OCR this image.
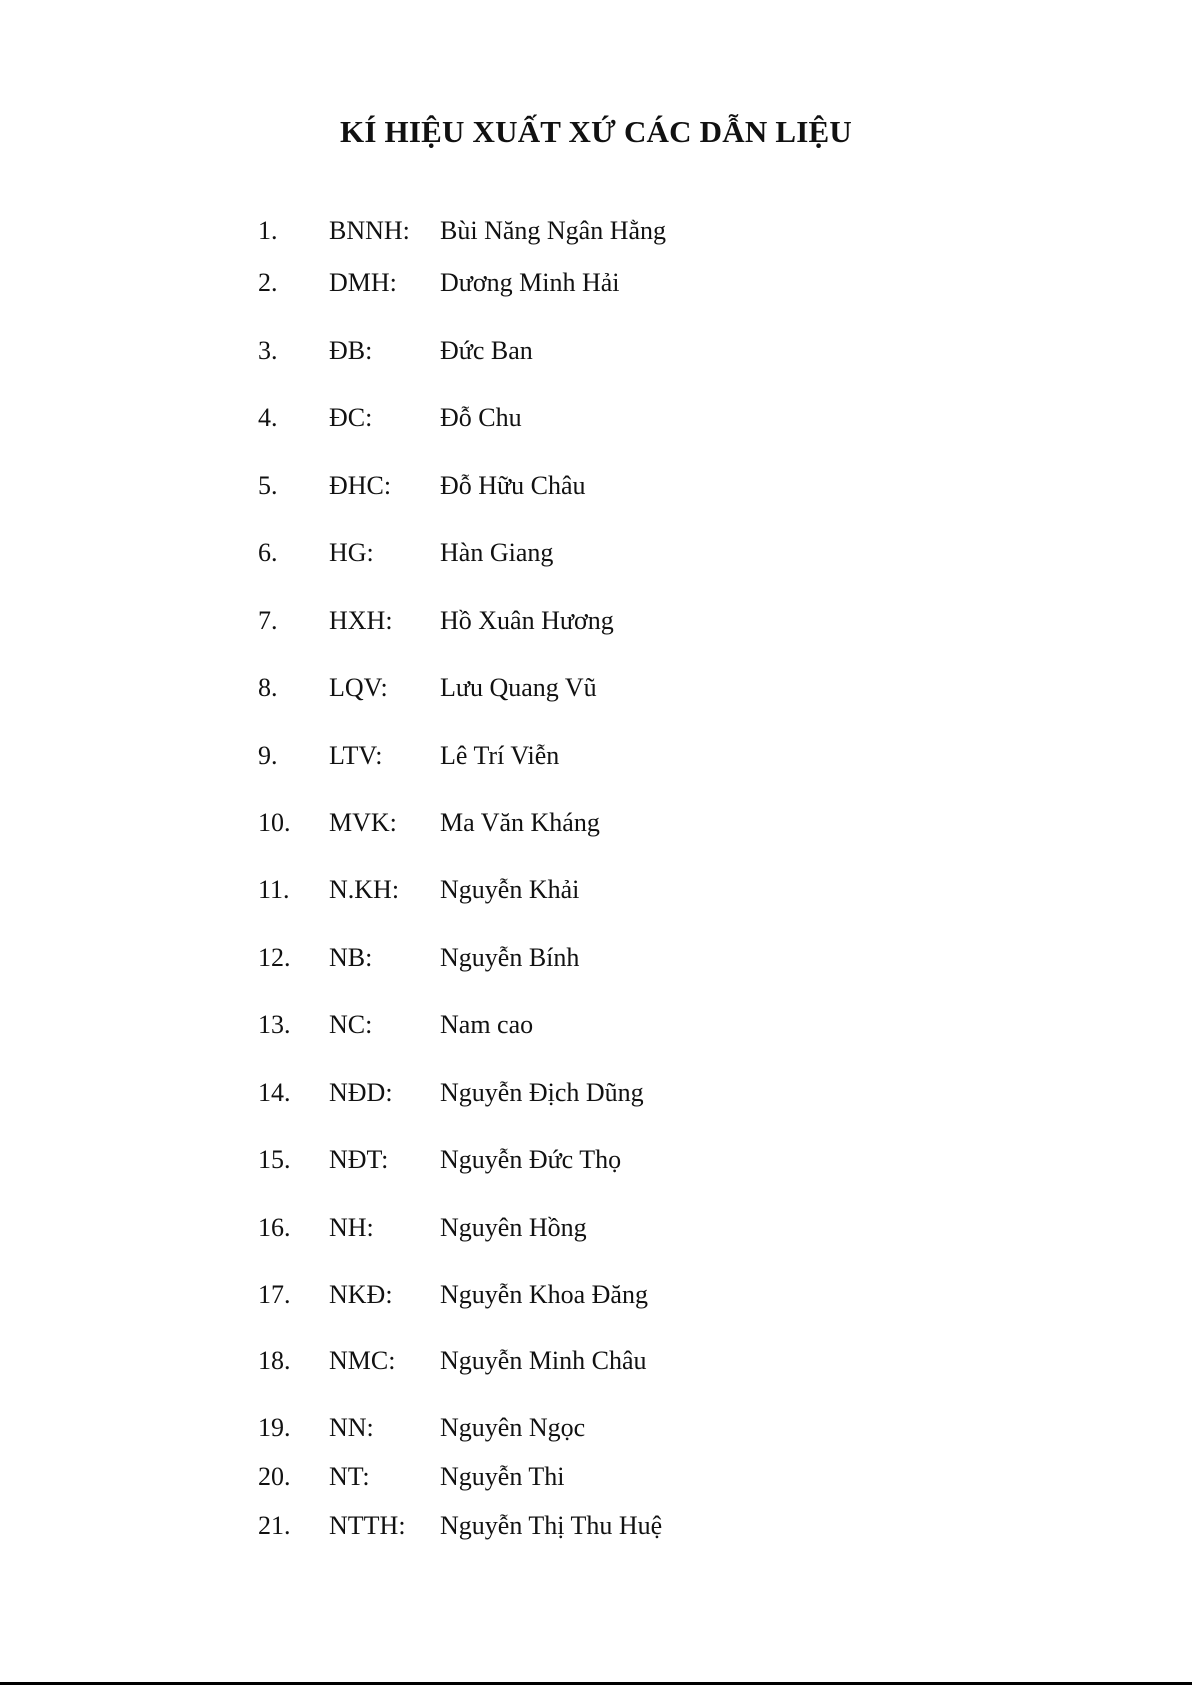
KÍ HIỆU XUẤT XỨ CÁC DẪN LIỆU
1.	BNNH:	Bùi Năng Ngân Hằng
2.	DMH:	Dương Minh Hải
3.	ĐB:	Đức Ban
4.	ĐC:	Đỗ Chu
5.	ĐHC:	Đỗ Hữu Châu
6.	HG:	Hàn Giang
7.	HXH:	Hồ Xuân Hương
8.	LQV:	Lưu Quang Vũ
9.	LTV:	Lê Trí Viễn
10.	MVK:	Ma Văn Kháng
11.	N.KH:	Nguyễn Khải
12.	NB:	Nguyễn Bính
13.	NC:	Nam cao
14.	NĐD:	Nguyễn Địch Dũng
15.	NĐT:	Nguyễn Đức Thọ
16.	NH:	Nguyên Hồng
17.	NKĐ:	Nguyễn Khoa Đăng
18.	NMC:	Nguyễn Minh Châu
19.	NN:	Nguyên Ngọc
20.	NT:	Nguyễn Thi
21.	NTTH:	Nguyễn Thị Thu Huệ
